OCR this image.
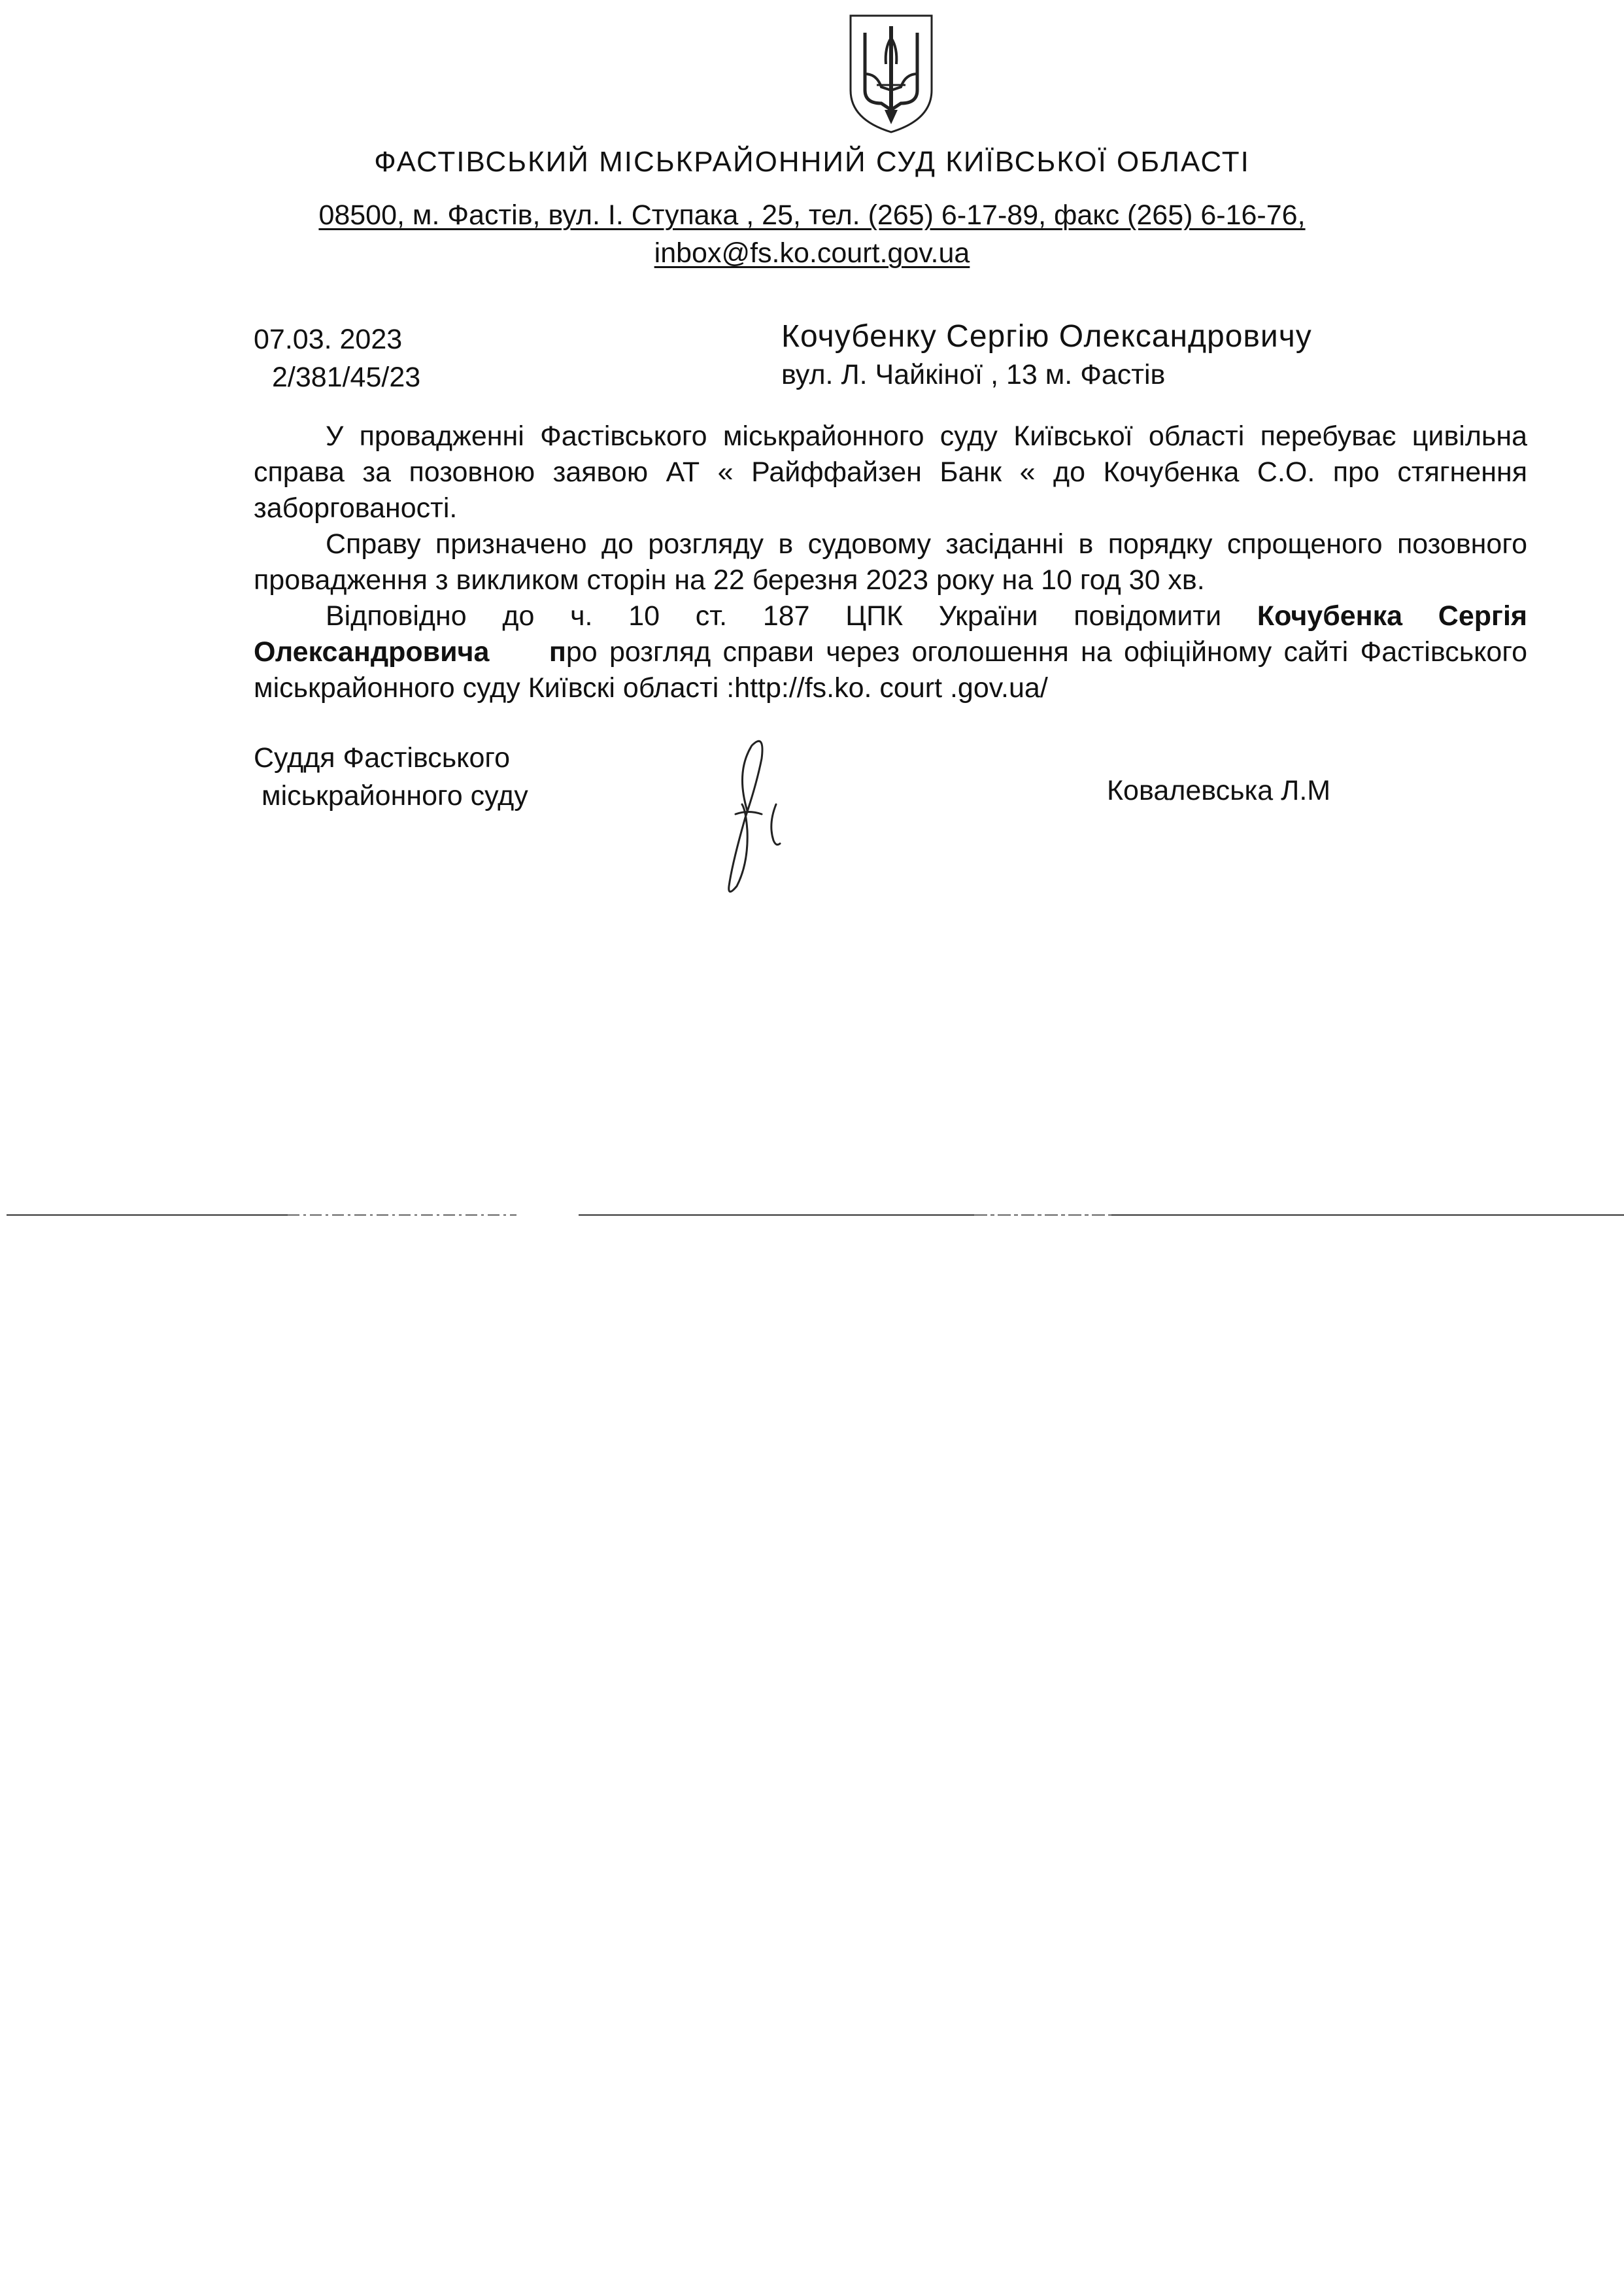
ФАСТІВСЬКИЙ МІСЬКРАЙОННИЙ СУД КИЇВСЬКОЇ ОБЛАСТІ
08500, м. Фастів, вул. І. Ступака , 25, тел. (265) 6-17-89, факс (265) 6-16-76,
inbox@fs.ko.court.gov.ua
07.03. 2023
2/381/45/23
Кочубенку Сергію Олександровичу
вул. Л. Чайкіної , 13 м. Фастів

У провадженні Фастівського міськрайонного суду Київської області перебуває цивільна справа за позовною заявою АТ « Райффайзен Банк « до Кочубенка С.О. про стягнення заборгованості.

Справу призначено до розгляду в судовому засіданні в порядку спрощеного позовного провадження з викликом сторін на 22 березня 2023 року на 10 год 30 хв.

Відповідно до ч. 10 ст. 187 ЦПК України повідомити Кочубенка Сергія Олександровича про розгляд справи через оголошення на офіційному сайті Фастівського міськрайонного суду Київскі області :http://fs.ko. court .gov.ua/

Суддя Фастівського
міськрайонного суду	Ковалевська Л.М
